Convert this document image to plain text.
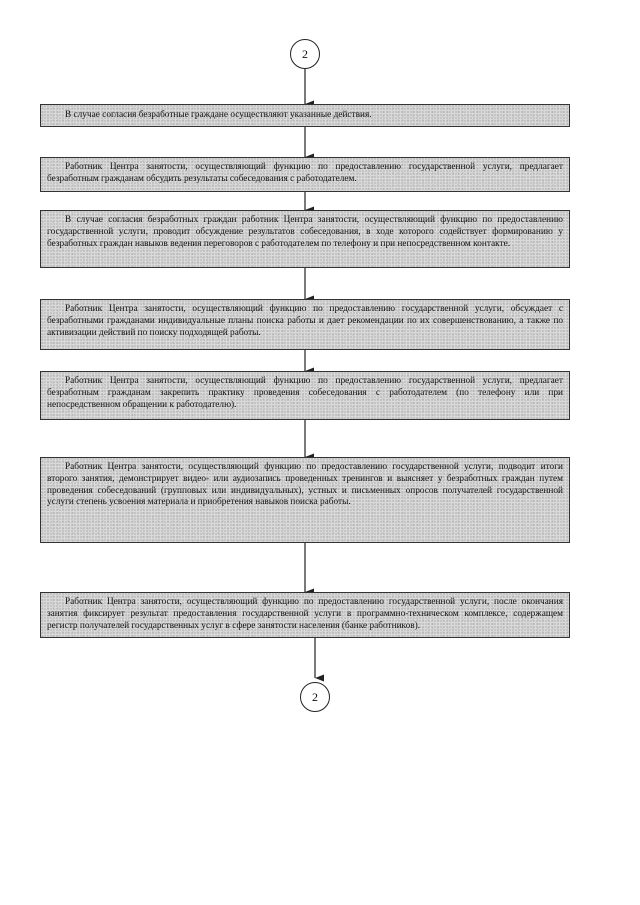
2
В случае согласия безработные граждане осуществляют указанные действия.
Работник Центра занятости, осуществляющий функцию по предоставлению государственной услуги, предлагает безработным гражданам обсудить результаты собеседования с работодателем.
В случае согласия безработных граждан работник Центра занятости, осуществляющий функцию по предоставлению государственной услуги, проводит обсуждение результатов собеседования, в ходе которого содействует формированию у безработных граждан навыков ведения переговоров с работодателем по телефону и при непосредственном контакте.
Работник Центра занятости, осуществляющий функцию по предоставлению государственной услуги, обсуждает с безработными гражданами индивидуальные планы поиска работы и дает рекомендации по их совершенствованию, а также по активизации действий по поиску подходящей работы.
Работник Центра занятости, осуществляющий функцию по предоставлению государственной услуги, предлагает безработным гражданам закрепить практику проведения собеседования с работодателем (по телефону или при непосредственном обращении к работодателю).
Работник Центра занятости, осуществляющий функцию по предоставлению государственной услуги, подводит итоги второго занятия, демонстрирует видео- или аудиозапись проведенных тренингов и выясняет у безработных граждан путем проведения собеседований (групповых или индивидуальных), устных и письменных опросов получателей государственной услуги степень усвоения материала и приобретения навыков поиска работы.
Работник Центра занятости, осуществляющий функцию по предоставлению государственной услуги, после окончания занятия фиксирует результат предоставления государственной услуги в программно-техническом комплексе, содержащем регистр получателей государственных услуг в сфере занятости населения (банке работников).
2
